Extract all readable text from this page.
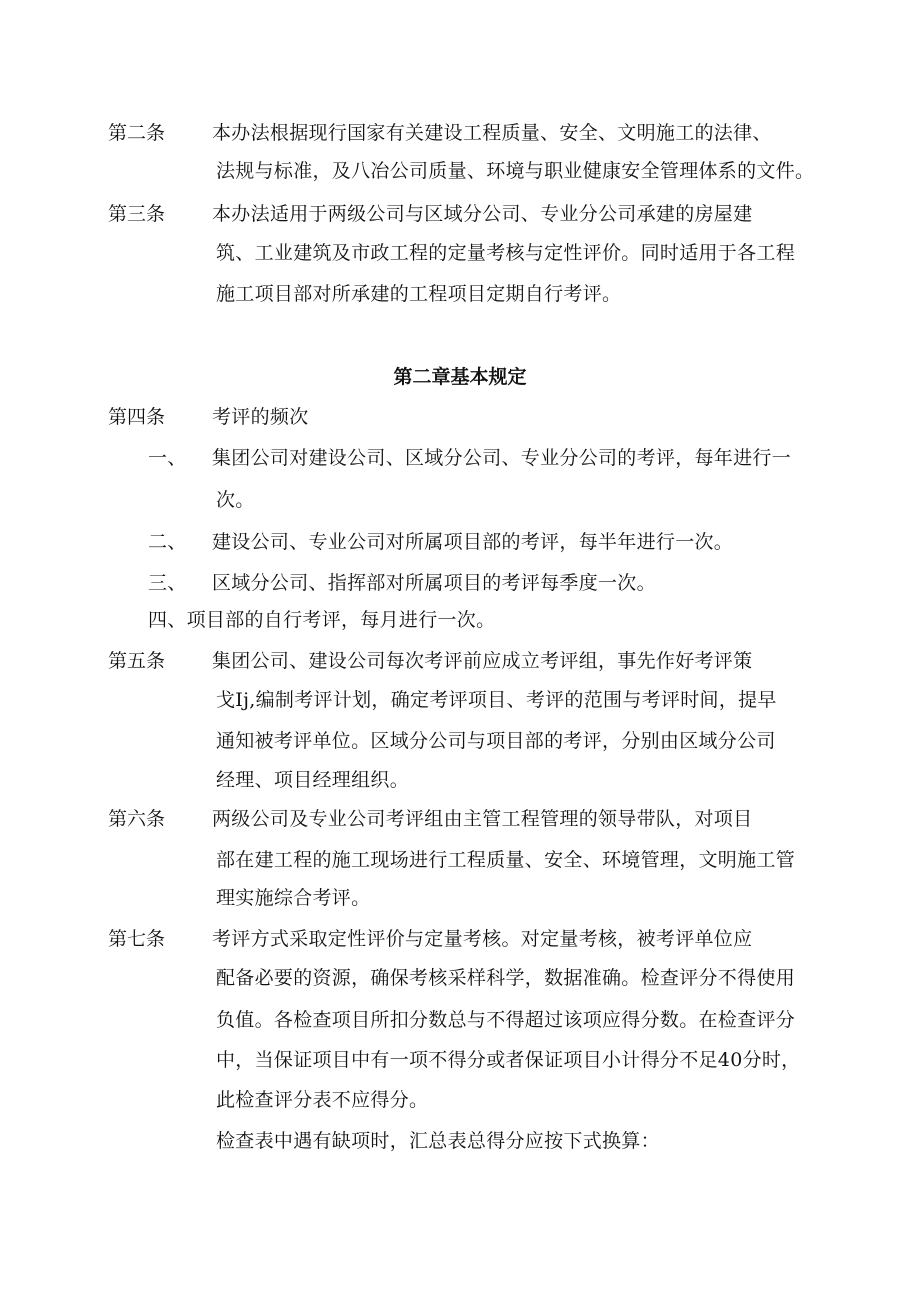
第二条 本办法根据现行国家有关建设工程质量、安全、文明施工的法律、
法规与标准，及八冶公司质量、环境与职业健康安全管理体系的文件。
第三条 本办法适用于两级公司与区域分公司、专业分公司承建的房屋建
筑、工业建筑及市政工程的定量考核与定性评价。同时适用于各工程
施工项目部对所承建的工程项目定期自行考评。
第二章基本规定
第四条 考评的频次
一、 集团公司对建设公司、区域分公司、专业分公司的考评，每年进行一
次。
二、 建设公司、专业公司对所属项目部的考评，每半年进行一次。
三、 区域分公司、指挥部对所属项目的考评每季度一次。
四、项目部的自行考评，每月进行一次。
第五条 集团公司、建设公司每次考评前应成立考评组，事先作好考评策
戈Ij,编制考评计划，确定考评项目、考评的范围与考评时间，提早
通知被考评单位。区域分公司与项目部的考评，分别由区域分公司
经理、项目经理组织。
第六条 两级公司及专业公司考评组由主管工程管理的领导带队，对项目
部在建工程的施工现场进行工程质量、安全、环境管理，文明施工管
理实施综合考评。
第七条 考评方式采取定性评价与定量考核。对定量考核，被考评单位应
配备必要的资源，确保考核采样科学，数据准确。检查评分不得使用
负值。各检查项目所扣分数总与不得超过该项应得分数。在检查评分
中，当保证项目中有一项不得分或者保证项目小计得分不足40分时，
此检查评分表不应得分。
检查表中遇有缺项时，汇总表总得分应按下式换算：
